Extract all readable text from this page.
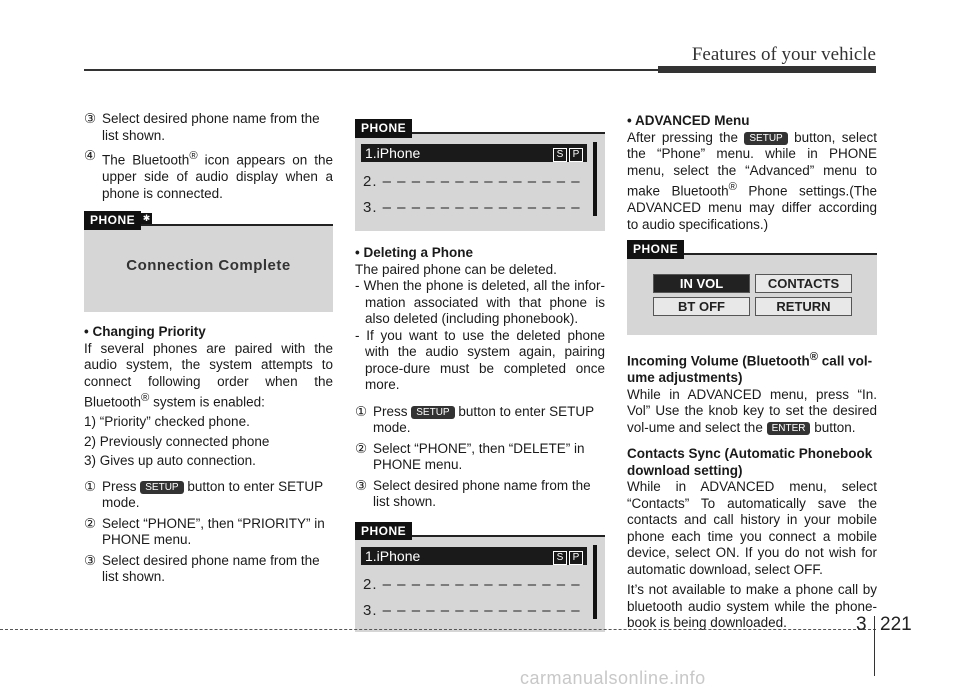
Features of your vehicle
③ Select desired phone name from the list shown.
④ The Bluetooth® icon appears on the upper side of audio display when a phone is connected.
PHONE ✱
Connection Complete

• Changing Priority

If several phones are paired with the audio system, the system attempts to connect following order when the Bluetooth® system is enabled:

1) “Priority” checked phone.

2) Previously connected phone

3) Gives up auto connection.

① Press SETUP button to enter SETUP mode.
② Select “PHONE”, then “PRIORITY” in PHONE menu.
③ Select desired phone name from the list shown.
PHONE
1.iPhone	S P
2. – – – – – – – – – – – – – –
3. – – – – – – – – – – – – – –

• Deleting a Phone

The paired phone can be deleted.

- When the phone is deleted, all the infor-mation associated with that phone is also deleted (including phonebook).

- If you want to use the deleted phone with the audio system again, pairing proce-dure must be completed once more.

① Press SETUP button to enter SETUP mode.
② Select “PHONE”, then “DELETE” in PHONE menu.
③ Select desired phone name from the list shown.
PHONE
1.iPhone	S P
2. – – – – – – – – – – – – – –
3. – – – – – – – – – – – – – –

• ADVANCED Menu

After pressing the SETUP button, select the “Phone” menu. while in PHONE menu, select the “Advanced” menu to make Bluetooth® Phone settings.(The ADVANCED menu may differ according to audio specifications.)

PHONE
IN VOL	CONTACTS
BT OFF	RETURN

Incoming Volume (Bluetooth® call vol-ume adjustments)

While in ADVANCED menu, press “In. Vol” Use the knob key to set the desired vol-ume and select the ENTER button.

Contacts Sync (Automatic Phonebook download setting)

While in ADVANCED menu, select “Contacts” To automatically save the contacts and call history in your mobile phone each time you connect a mobile device, select ON. If you do not wish for automatic download, select OFF.

It’s not available to make a phone call by bluetooth audio system while the phone-book is being downloaded.	3 221
carmanualsonline.info
